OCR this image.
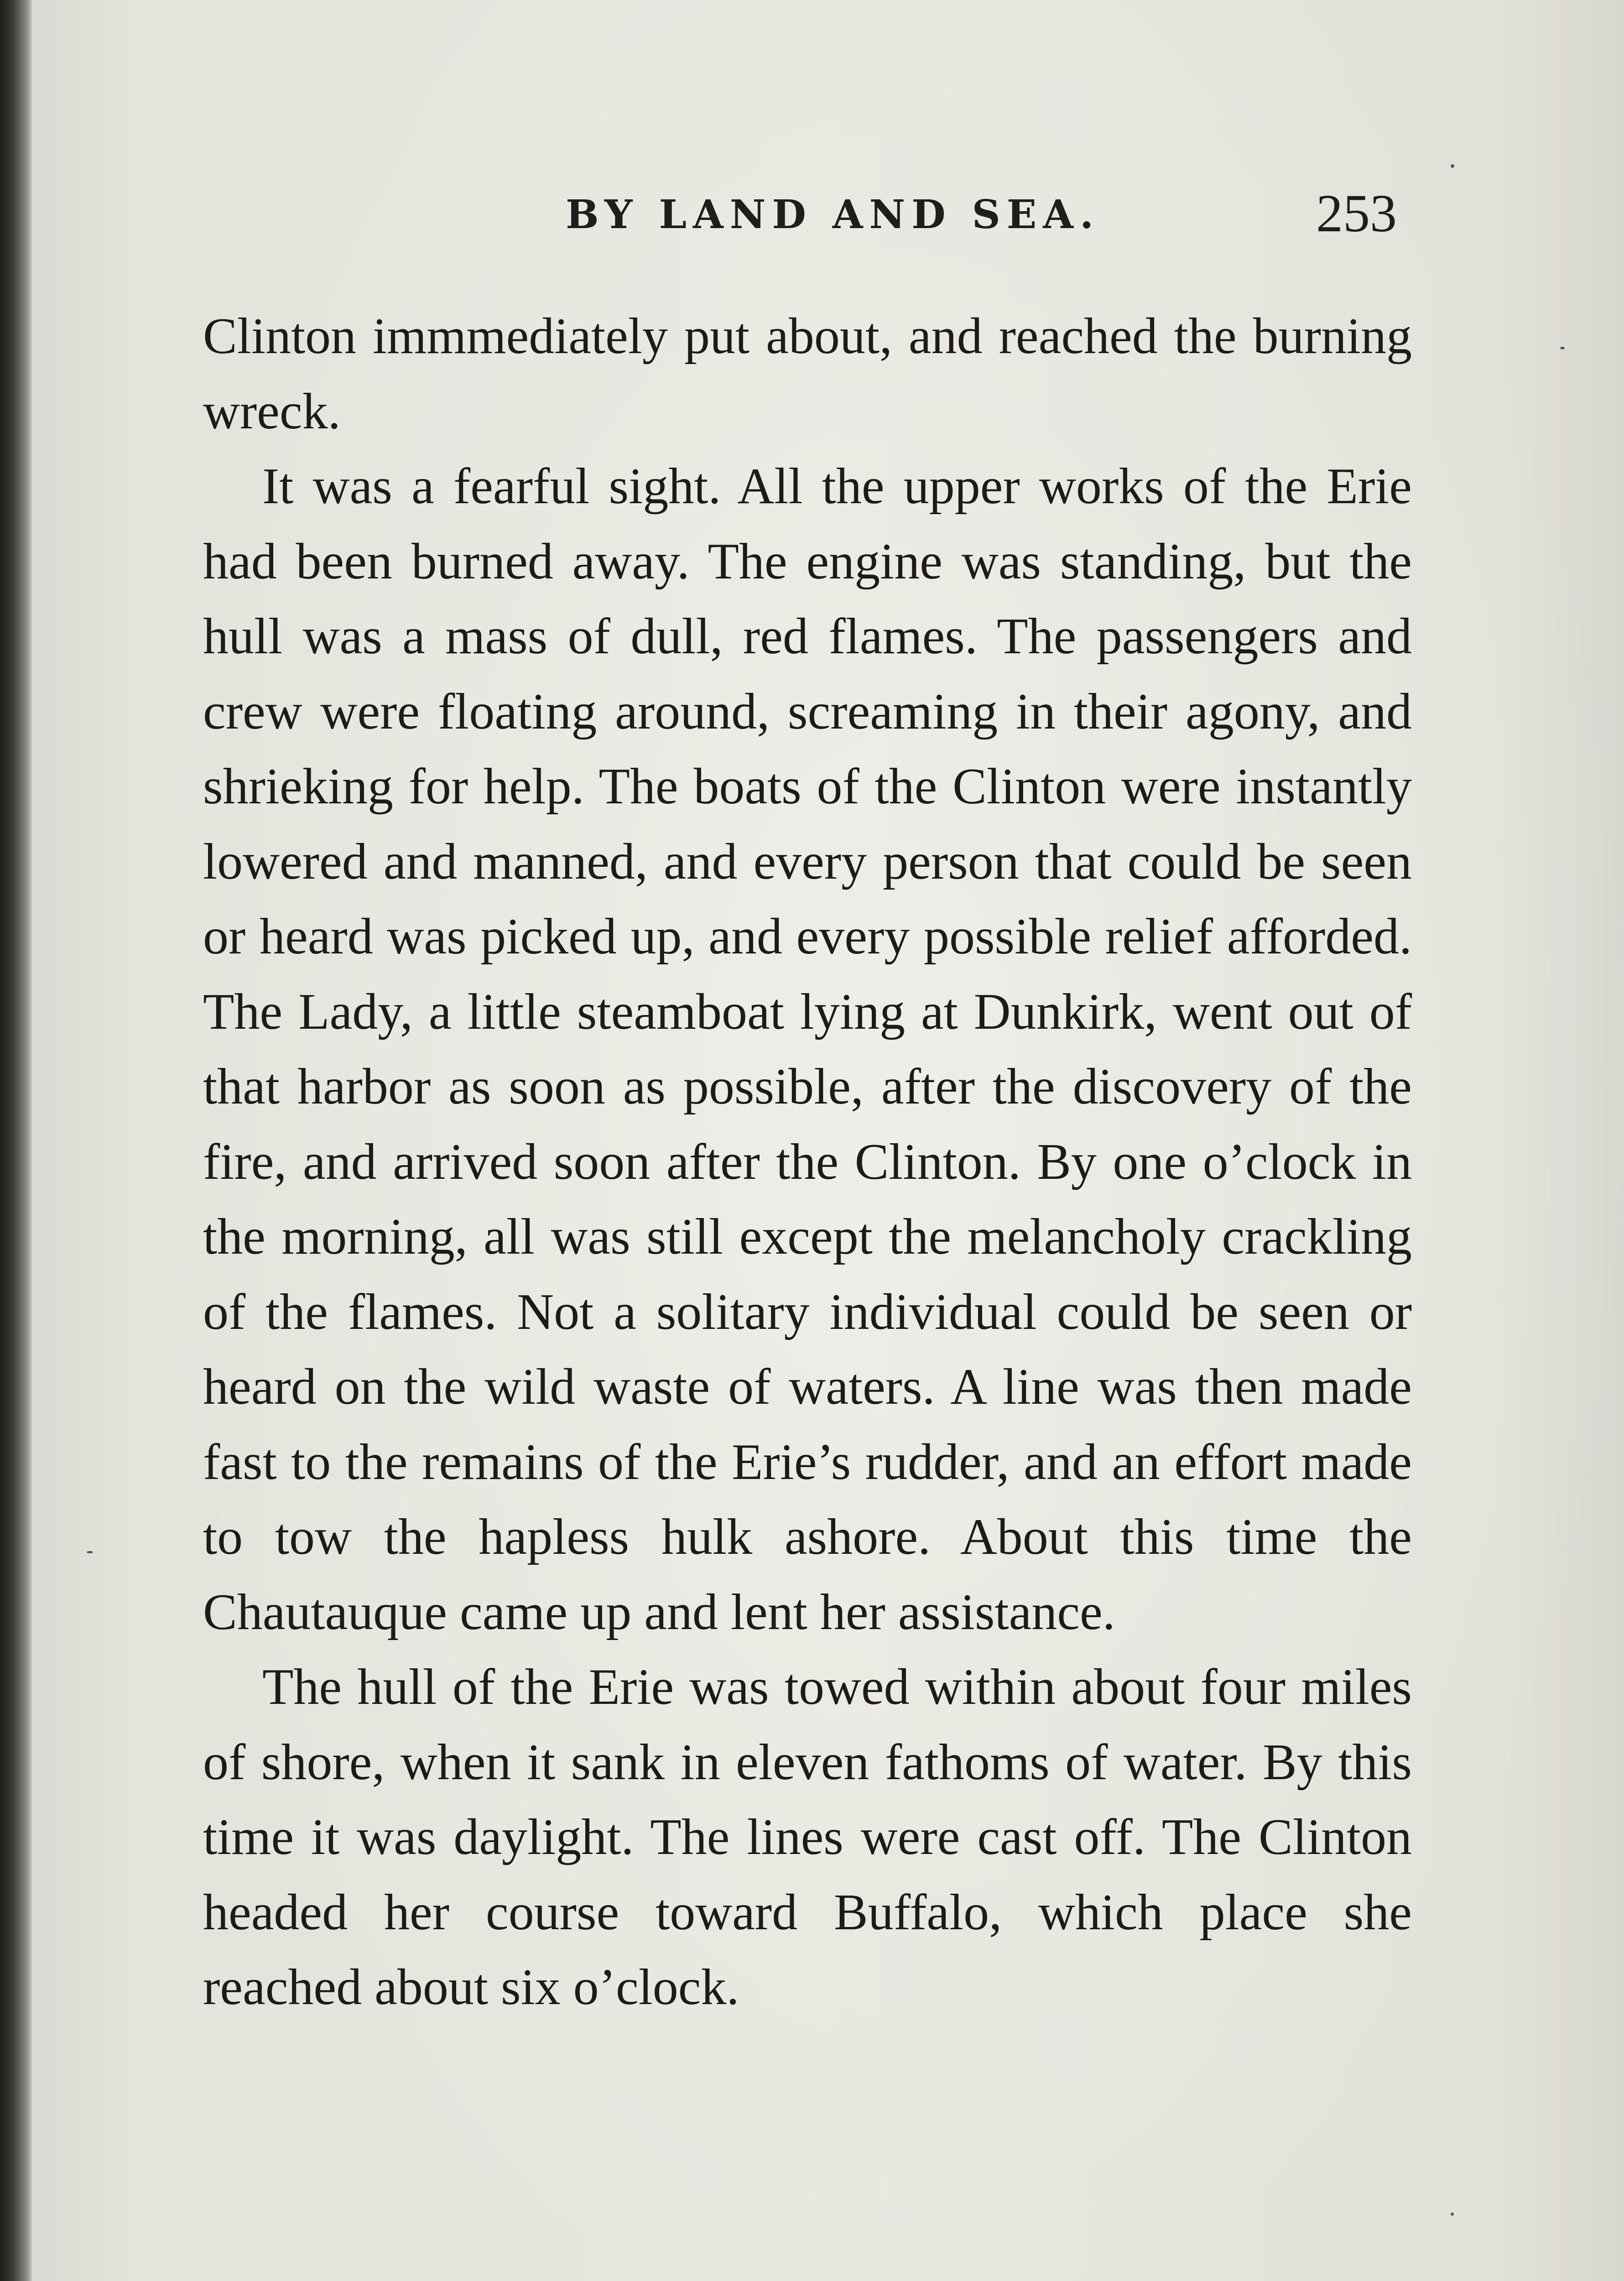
BY LAND AND SEA.	253

Clinton immmediately put about, and reached the burning wreck.

It was a fearful sight. All the upper works of the Erie had been burned away. The engine was standing, but the hull was a mass of dull, red flames. The passengers and crew were floating around, screaming in their agony, and shrieking for help. The boats of the Clinton were instantly lowered and manned, and every person that could be seen or heard was picked up, and every possible relief afforded. The Lady, a little steamboat lying at Dunkirk, went out of that harbor as soon as possible, after the discovery of the fire, and arrived soon after the Clinton. By one o’clock in the morning, all was still except the melancholy crackling of the flames. Not a solitary individual could be seen or heard on the wild waste of waters. A line was then made fast to the remains of the Erie’s rudder, and an effort made to tow the hapless hulk ashore. About this time the Chautauque came up and lent her assistance.

The hull of the Erie was towed within about four miles of shore, when it sank in eleven fathoms of water. By this time it was daylight. The lines were cast off. The Clinton headed her course toward Buffalo, which place she reached about six o’clock.
